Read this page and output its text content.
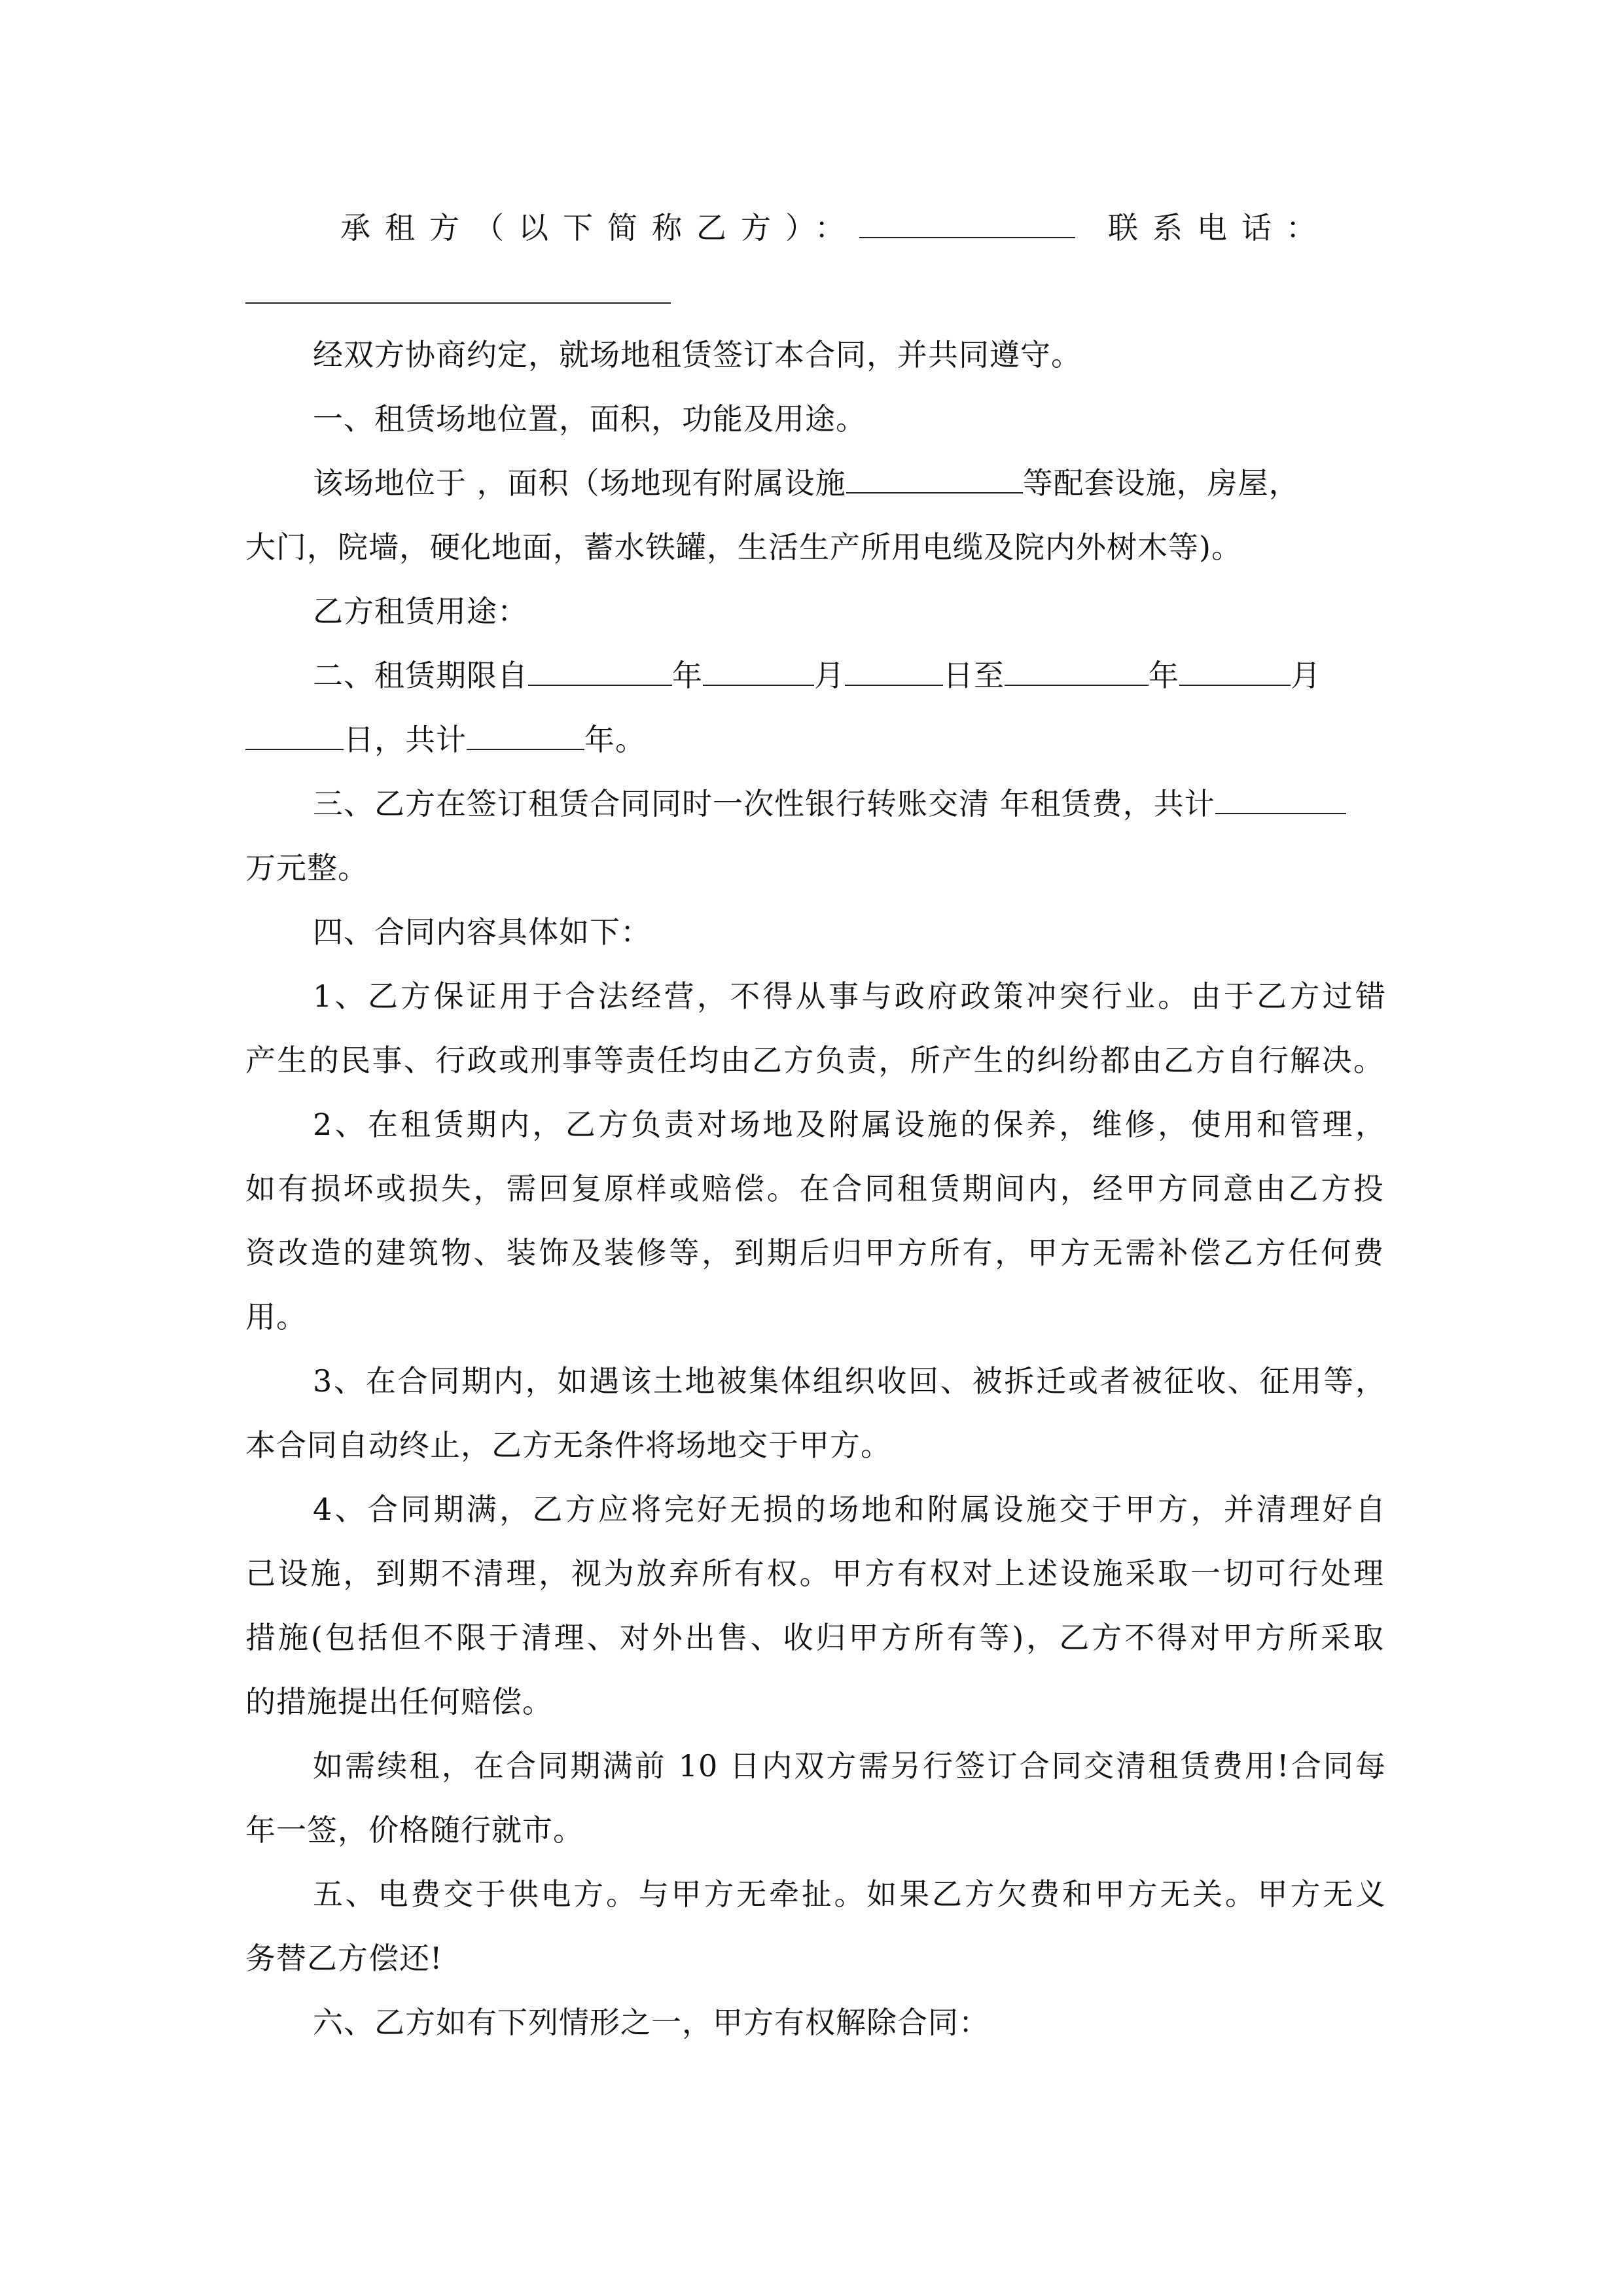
承租方（以下简称乙方）：	联系电话：
经双方协商约定，就场地租赁签订本合同，并共同遵守。
一、租赁场地位置，面积，功能及用途。
该场地位于 ，面积（场地现有附属设施	等配套设施，房屋，
大门，院墙，硬化地面，蓄水铁罐，生活生产所用电缆及院内外树木等)。
乙方租赁用途：
二、租赁期限自	年	月	日至	年	月
日，共计	年。
三、乙方在签订租赁合同同时一次性银行转账交清 年租赁费，共计
万元整。
四、合同内容具体如下：
1、乙方保证用于合法经营，不得从事与政府政策冲突行业。由于乙方过错
产生的民事、行政或刑事等责任均由乙方负责，所产生的纠纷都由乙方自行解决。
2、在租赁期内，乙方负责对场地及附属设施的保养，维修，使用和管理，
如有损坏或损失，需回复原样或赔偿。在合同租赁期间内，经甲方同意由乙方投
资改造的建筑物、装饰及装修等，到期后归甲方所有，甲方无需补偿乙方任何费
用。
3、在合同期内，如遇该土地被集体组织收回、被拆迁或者被征收、征用等，
本合同自动终止，乙方无条件将场地交于甲方。
4、合同期满，乙方应将完好无损的场地和附属设施交于甲方，并清理好自
己设施，到期不清理，视为放弃所有权。甲方有权对上述设施采取一切可行处理
措施(包括但不限于清理、对外出售、收归甲方所有等)，乙方不得对甲方所采取
的措施提出任何赔偿。
如需续租，在合同期满前 10 日内双方需另行签订合同交清租赁费用!合同每
年一签，价格随行就市。
五、电费交于供电方。与甲方无牵扯。如果乙方欠费和甲方无关。甲方无义
务替乙方偿还!
六、乙方如有下列情形之一，甲方有权解除合同：
